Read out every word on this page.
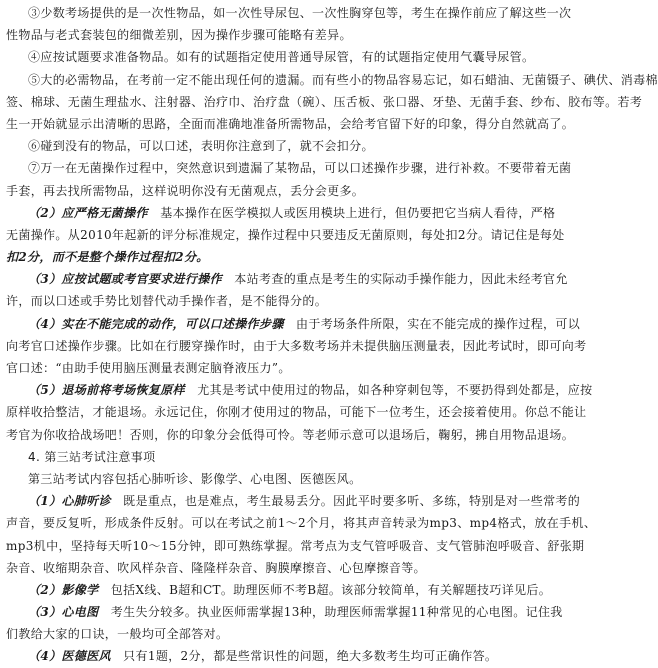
③少数考场提供的是一次性物品，如一次性导尿包、一次性胸穿包等，考生在操作前应了解这些一次
性物品与老式套装包的细微差别，因为操作步骤可能略有差异。
④应按试题要求准备物品。如有的试题指定使用普通导尿管，有的试题指定使用气囊导尿管。
⑤大的必需物品，在考前一定不能出现任何的遗漏。而有些小的物品容易忘记，如石蜡油、无菌镊子、碘伏、消毒棉
签、棉球、无菌生理盐水、注射器、治疗巾、治疗盘（碗）、压舌板、张口器、牙垫、无菌手套、纱布、胶布等。若考
生一开始就显示出清晰的思路，全面而准确地准备所需物品，会给考官留下好的印象，得分自然就高了。
⑥碰到没有的物品，可以口述，表明你注意到了，就不会扣分。
⑦万一在无菌操作过程中，突然意识到遗漏了某物品，可以口述操作步骤，进行补救。不要带着无菌
手套，再去找所需物品，这样说明你没有无菌观点，丢分会更多。
（2）应严格无菌操作　基本操作在医学模拟人或医用模块上进行，但仍要把它当病人看待，严格
无菌操作。从2010年起新的评分标准规定，操作过程中只要违反无菌原则，每处扣2分。请记住是每处
扣2分，而不是整个操作过程扣2分。
（3）应按试题或考官要求进行操作　本站考查的重点是考生的实际动手操作能力，因此未经考官允
许，而以口述或手势比划替代动手操作者，是不能得分的。
（4）实在不能完成的动作，可以口述操作步骤　由于考场条件所限，实在不能完成的操作过程，可以
向考官口述操作步骤。比如在行腰穿操作时，由于大多数考场并未提供脑压测量表，因此考试时，即可向考
官口述：“由助手使用脑压测量表测定脑脊液压力”。
（5）退场前将考场恢复原样　尤其是考试中使用过的物品，如各种穿刺包等，不要扔得到处都是，应按
原样收拾整洁，才能退场。永远记住，你刚才使用过的物品，可能下一位考生，还会接着使用。你总不能让
考官为你收拾战场吧！否则，你的印象分会低得可怜。等老师示意可以退场后，鞠躬，拂自用物品退场。
4. 第三站考试注意事项
第三站考试内容包括心肺听诊、影像学、心电图、医德医风。
（1）心肺听诊　既是重点，也是难点，考生最易丢分。因此平时要多听、多练，特别是对一些常考的
声音，要反复听，形成条件反射。可以在考试之前1～2个月，将其声音转录为mp3、mp4格式，放在手机、
mp3机中，坚持每天听10～15分钟，即可熟练掌握。常考点为支气管呼吸音、支气管肺泡呼吸音、舒张期
杂音、收缩期杂音、吹风样杂音、隆隆样杂音、胸膜摩擦音、心包摩擦音等。
（2）影像学　包括X线、B超和CT。助理医师不考B超。该部分较简单，有关解题技巧详见后。
（3）心电图　考生失分较多。执业医师需掌握13种，助理医师需掌握11种常见的心电图。记住我
们教给大家的口诀，一般均可全部答对。
（4）医德医风　只有1题，2分，都是些常识性的问题，绝大多数考生均可正确作答。
